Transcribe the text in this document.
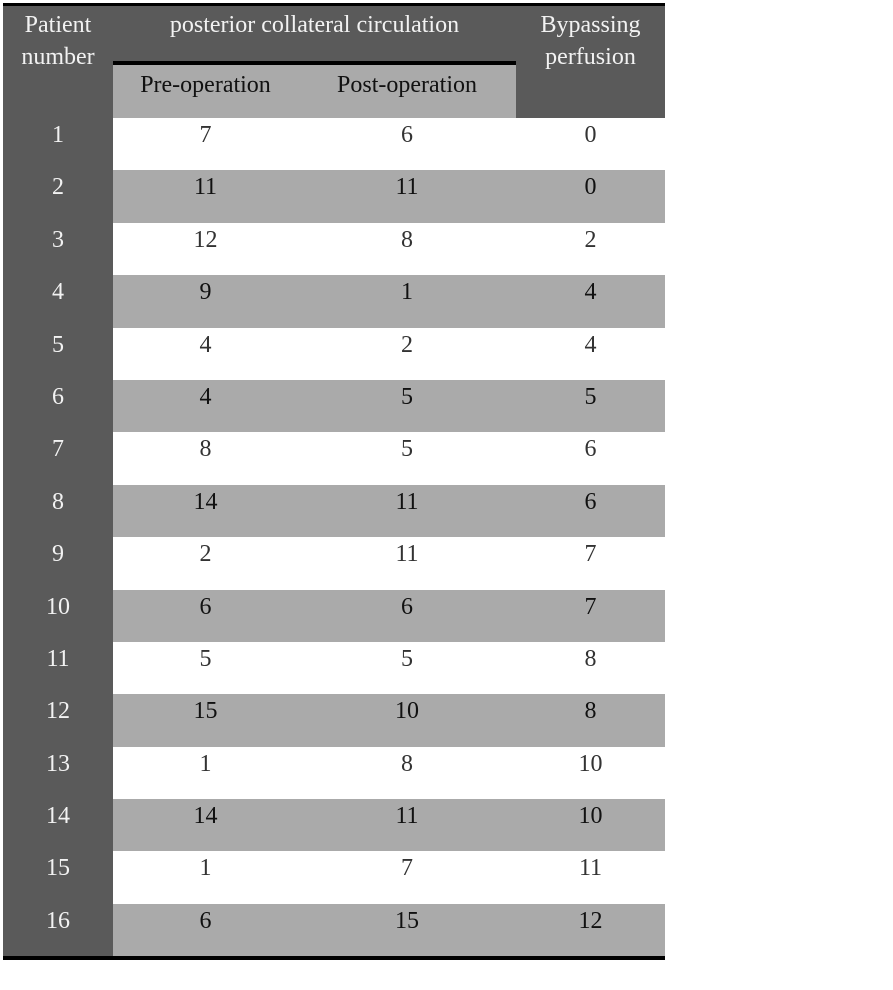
Patient
number
posterior collateral circulation
Pre-operation	Post-operation
Bypassing
perfusion
1	7	6	0
2	11	11	0
3	12	8	2
4	9	1	4
5	4	2	4
6	4	5	5
7	8	5	6
8	14	11	6
9	2	11	7
10	6	6	7
11	5	5	8
12	15	10	8
13	1	8	10
14	14	11	10
15	1	7	11
16	6	15	12
